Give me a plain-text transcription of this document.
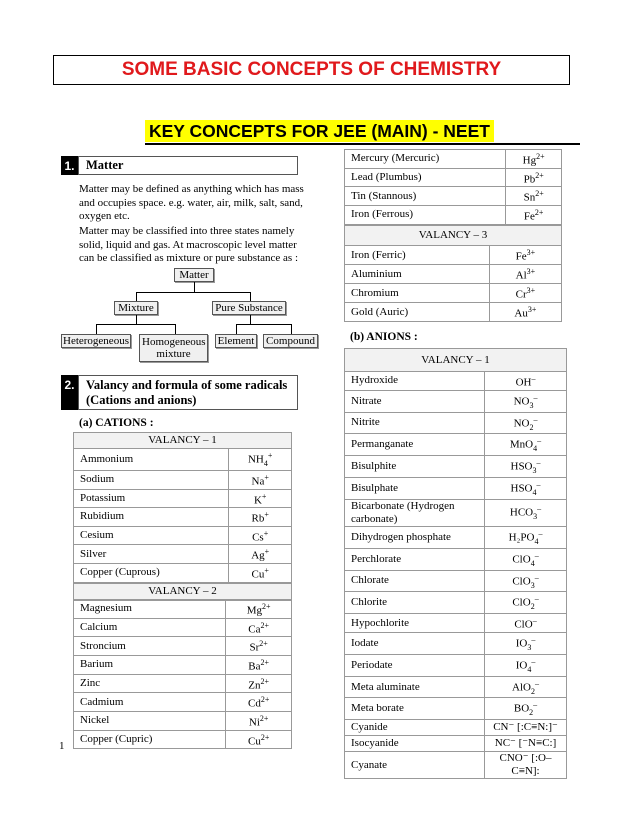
SOME BASIC CONCEPTS OF CHEMISTRY
KEY CONCEPTS FOR JEE (MAIN) - NEET
1. Matter
Matter may be defined as anything which has mass and occupies space. e.g. water, air, milk, salt, sand, oxygen etc.
Matter may be classified into three states namely solid, liquid and gas. At macroscopic level matter can be classified as mixture or pure substance as :
Matter
Mixture	Pure Substance
Heterogeneous Homogeneous mixture
Element Compound
2. Valancy and formula of some radicals (Cations and anions)
(a) CATIONS :
VALANCY – 1	
Ammonium	$NH_4^+$
Sodium	Na+
Potassium	K+
Rubidium	Rb+
Cesium	Cs+
Silver	Ag+
Copper (Cuprous)	Cu+

VALANCY – 2	
Magnesium	$Mg^{2+}$
Calcium	$Ca^{2+}$
Stroncium	$Sr^{2+}$
Barium	$Ba^{2+}$
Zinc	$Zn^{2+}$
Cadmium	$Cd^{2+}$
Nickel	$Ni^{2+}$
Copper (Cupric)	$Cu^{2+}$
Mercury (Mercuric)	$Hg^{2+}$
Lead (Plumbus)	$Pb^{2+}$
Tin (Stannous)	$Sn^{2+}$
Iron (Ferrous)	$Fe^{2+}$
VALANCY – 3	
Iron (Ferric)	$Fe^{3+}$
Aluminium	$Al^{3+}$
Chromium	$Cr^{3+}$
Gold (Auric)	$Au^{3+}$
(b) ANIONS :
VALANCY – 1	
Hydroxide	OH–
Nitrate	$NO_3^-$
Nitrite	$NO_2^-$
Permanganate	MnO$_4$–
Bisulphite	$HSO_3^-$
Bisulphate	$HSO_4^-$
Bicarbonate (Hydrogen carbonate)	$HCO_3^-$
Dihydrogen phosphate	$H_2PO_4^-$
Perchlorate	ClO$_4$–
Chlorate	ClO$_3$–
Chlorite	ClO$_2$–
Hypochlorite	ClO–
Iodate	$IO_3^-$
Periodate	$IO_4^-$
Meta aluminate	AlO$_2$–
Meta borate	$BO_2^-$
Cyanide	CN⁻ [:C≡N:]⁻
Isocyanide	NC⁻ [⁻N≡C:]
Cyanate	CNO⁻ [:O–C≡N]:
1
